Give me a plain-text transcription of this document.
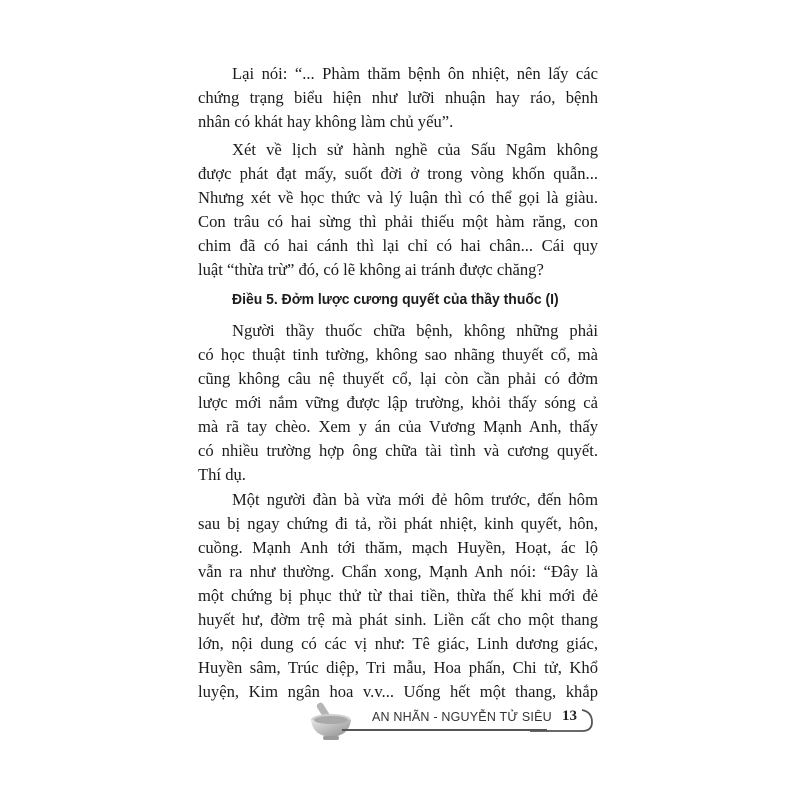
Lại nói: “... Phàm thăm bệnh ôn nhiệt, nên lấy các
chứng trạng biểu hiện như lưỡi nhuận hay ráo, bệnh
nhân có khát hay không làm chủ yếu”.
Xét về lịch sử hành nghề của Sấu Ngâm không
được phát đạt mấy, suốt đời ở trong vòng khốn quẫn...
Nhưng xét về học thức và lý luận thì có thể gọi là giàu.
Con trâu có hai sừng thì phải thiếu một hàm răng, con
chim đã có hai cánh thì lại chỉ có hai chân... Cái quy
luật “thừa trừ” đó, có lẽ không ai tránh được chăng?
Điều 5. Đởm lược cương quyết của thầy thuốc (I)
Người thầy thuốc chữa bệnh, không những phải
có học thuật tinh tường, không sao nhãng thuyết cổ, mà
cũng không câu nệ thuyết cổ, lại còn cần phải có đởm
lược mới nắm vững được lập trường, khỏi thấy sóng cả
mà rã tay chèo. Xem y án của Vương Mạnh Anh, thấy
có nhiều trường hợp ông chữa tài tình và cương quyết.
Thí dụ.
Một người đàn bà vừa mới đẻ hôm trước, đến hôm
sau bị ngay chứng đi tả, rồi phát nhiệt, kinh quyết, hôn,
cuồng. Mạnh Anh tới thăm, mạch Huyền, Hoạt, ác lộ
vẫn ra như thường. Chẩn xong, Mạnh Anh nói: “Đây là
một chứng bị phục thử từ thai tiền, thừa thế khi mới đẻ
huyết hư, đờm trệ mà phát sinh. Liền cất cho một thang
lớn, nội dung có các vị như: Tê giác, Linh dương giác,
Huyền sâm, Trúc diệp, Tri mẫu, Hoa phấn, Chi tử, Khổ
luyện, Kim ngân hoa v.v... Uống hết một thang, khắp
AN NHÃN - NGUYỄN TỬ SIÊU 13
